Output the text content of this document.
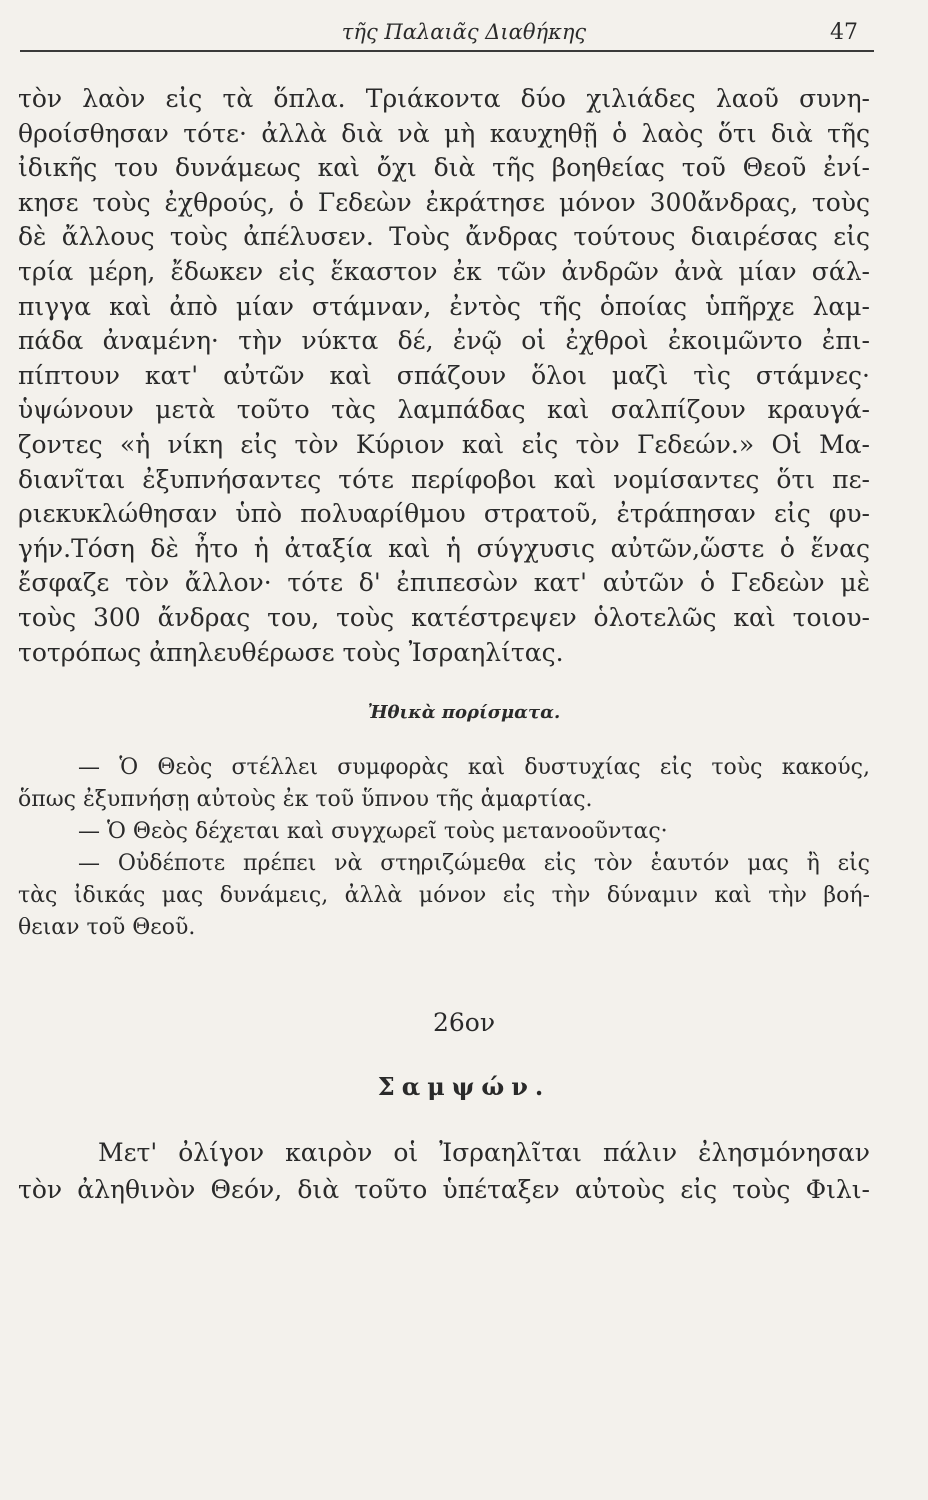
τῆς Παλαιᾶς Διαθήκης	47
τὸν λαὸν εἰς τὰ ὅπλα. Τριάκοντα δύο χιλιάδες λαοῦ συνη-
θροίσθησαν τότε· ἀλλὰ διὰ νὰ μὴ καυχηθῇ ὁ λαὸς ὅτι διὰ τῆς
ἰδικῆς του δυνάμεως καὶ ὄχι διὰ τῆς βοηθείας τοῦ Θεοῦ ἐνί-
κησε τοὺς ἐχθρούς, ὁ Γεδεὼν ἐκράτησε μόνον 300ἄνδρας, τοὺς
δὲ ἄλλους τοὺς ἀπέλυσεν. Τοὺς ἄνδρας τούτους διαιρέσας εἰς
τρία μέρη, ἔδωκεν εἰς ἕκαστον ἐκ τῶν ἀνδρῶν ἀνὰ μίαν σάλ-
πιγγα καὶ ἀπὸ μίαν στάμναν, ἐντὸς τῆς ὁποίας ὑπῆρχε λαμ-
πάδα ἀναμένη· τὴν νύκτα δέ, ἐνῷ οἱ ἐχθροὶ ἐκοιμῶντο ἐπι-
πίπτουν κατ' αὐτῶν καὶ σπάζουν ὅλοι μαζὶ τὶς στάμνες·
ὑψώνουν μετὰ τοῦτο τὰς λαμπάδας καὶ σαλπίζουν κραυγά-
ζοντες «ἡ νίκη εἰς τὸν Κύριον καὶ εἰς τὸν Γεδεών.» Οἱ Μα-
διανῖται ἐξυπνήσαντες τότε περίφοβοι καὶ νομίσαντες ὅτι πε-
ριεκυκλώθησαν ὑπὸ πολυαρίθμου στρατοῦ, ἐτράπησαν εἰς φυ-
γήν.Τόση δὲ ἦτο ἡ ἀταξία καὶ ἡ σύγχυσις αὐτῶν,ὥστε ὁ ἕνας
ἔσφαζε τὸν ἄλλον· τότε δ' ἐπιπεσὼν κατ' αὐτῶν ὁ Γεδεὼν μὲ
τοὺς 300 ἄνδρας του, τοὺς κατέστρεψεν ὁλοτελῶς καὶ τοιου-
τοτρόπως ἀπηλευθέρωσε τοὺς Ἰσραηλίτας.
Ἠθικὰ πορίσματα.
— Ὁ Θεὸς στέλλει συμφορὰς καὶ δυστυχίας εἰς τοὺς κακούς,
ὅπως ἐξυπνήσῃ αὐτοὺς ἐκ τοῦ ὕπνου τῆς ἁμαρτίας.
— Ὁ Θεὸς δέχεται καὶ συγχωρεῖ τοὺς μετανοοῦντας·
— Οὐδέποτε πρέπει νὰ στηριζώμεθα εἰς τὸν ἑαυτόν μας ἢ εἰς
τὰς ἰδικάς μας δυνάμεις, ἀλλὰ μόνον εἰς τὴν δύναμιν καὶ τὴν βοή-
θειαν τοῦ Θεοῦ.
26ον
Σαμψών.
Μετ' ὀλίγον καιρὸν οἱ Ἰσραηλῖται πάλιν ἐλησμόνησαν
τὸν ἀληθινὸν Θεόν, διὰ τοῦτο ὑπέταξεν αὐτοὺς εἰς τοὺς Φιλι-
